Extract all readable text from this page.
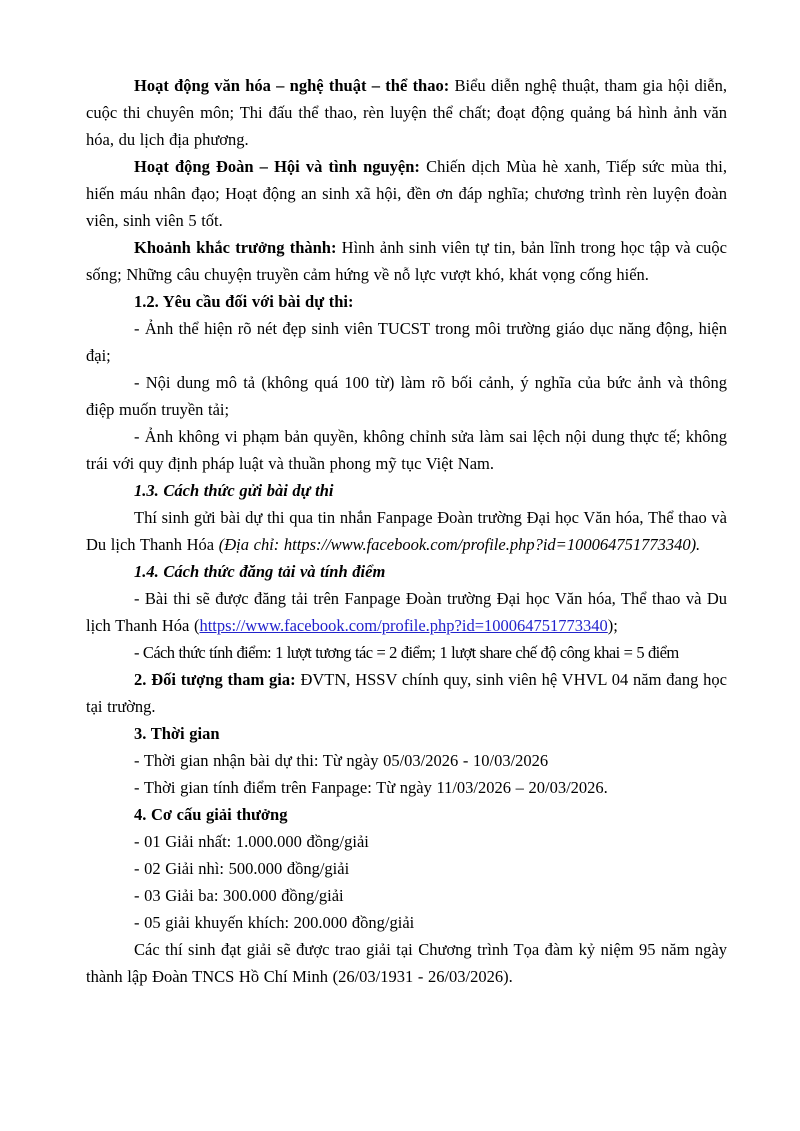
Hoạt động văn hóa – nghệ thuật – thể thao: Biểu diễn nghệ thuật, tham gia hội diễn, cuộc thi chuyên môn; Thi đấu thể thao, rèn luyện thể chất; đoạt động quảng bá hình ảnh văn hóa, du lịch địa phương.

Hoạt động Đoàn – Hội và tình nguyện: Chiến dịch Mùa hè xanh, Tiếp sức mùa thi, hiến máu nhân đạo; Hoạt động an sinh xã hội, đền ơn đáp nghĩa; chương trình rèn luyện đoàn viên, sinh viên 5 tốt.

Khoảnh khắc trưởng thành: Hình ảnh sinh viên tự tin, bản lĩnh trong học tập và cuộc sống; Những câu chuyện truyền cảm hứng về nỗ lực vượt khó, khát vọng cống hiến.

1.2. Yêu cầu đối với bài dự thi:

- Ảnh thể hiện rõ nét đẹp sinh viên TUCST trong môi trường giáo dục năng động, hiện đại;

- Nội dung mô tả (không quá 100 từ) làm rõ bối cảnh, ý nghĩa của bức ảnh và thông điệp muốn truyền tải;

- Ảnh không vi phạm bản quyền, không chỉnh sửa làm sai lệch nội dung thực tế; không trái với quy định pháp luật và thuần phong mỹ tục Việt Nam.

1.3. Cách thức gửi bài dự thi

Thí sinh gửi bài dự thi qua tin nhắn Fanpage Đoàn trường Đại học Văn hóa, Thể thao và Du lịch Thanh Hóa (Địa chỉ: https://www.facebook.com/profile.php?id=100064751773340).

1.4. Cách thức đăng tải và tính điểm

- Bài thi sẽ được đăng tải trên Fanpage Đoàn trường Đại học Văn hóa, Thể thao và Du lịch Thanh Hóa (https://www.facebook.com/profile.php?id=100064751773340);

- Cách thức tính điểm: 1 lượt tương tác = 2 điểm; 1 lượt share chế độ công khai = 5 điểm

2. Đối tượng tham gia: ĐVTN, HSSV chính quy, sinh viên hệ VHVL 04 năm đang học tại trường.

3. Thời gian

- Thời gian nhận bài dự thi: Từ ngày 05/03/2026 - 10/03/2026

- Thời gian tính điểm trên Fanpage: Từ ngày 11/03/2026 – 20/03/2026.

4. Cơ cấu giải thưởng

- 01 Giải nhất: 1.000.000 đồng/giải

- 02 Giải nhì: 500.000 đồng/giải

- 03 Giải ba: 300.000 đồng/giải

- 05 giải khuyến khích: 200.000 đồng/giải

Các thí sinh đạt giải sẽ được trao giải tại Chương trình Tọa đàm kỷ niệm 95 năm ngày thành lập Đoàn TNCS Hồ Chí Minh (26/03/1931 - 26/03/2026).
